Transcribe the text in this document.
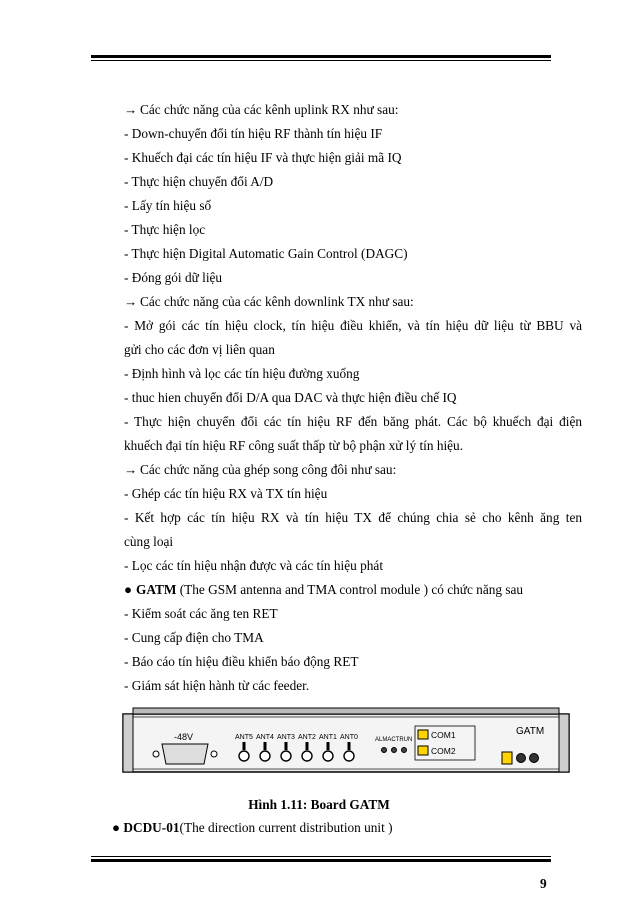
→ Các chức năng của các kênh uplink RX như sau:
- Down-chuyển đổi tín hiệu RF thành tín hiệu IF
- Khuếch đại các tín hiệu IF và thực hiện giải mã IQ
- Thực hiện chuyển đổi A/D
- Lấy tín hiệu số
- Thực hiện lọc
- Thực hiện Digital Automatic Gain Control (DAGC)
- Đóng gói dữ liệu
→ Các chức năng của các kênh downlink TX như sau:
- Mở gói các tín hiệu clock, tín hiệu điều khiển, và tín hiệu dữ liệu từ BBU và
gửi cho các đơn vị liên quan
- Định hình và lọc các tín hiệu đường xuống
- thuc hien chuyển đổi D/A qua DAC và thực hiện điều chế IQ
- Thực hiện chuyển đổi các tín hiệu RF đến băng phát. Các bộ khuếch đại điện
khuếch đại tín hiệu RF công suất thấp từ bộ phận xử lý tín hiệu.
→ Các chức năng của ghép song công đôi như sau:
- Ghép các tín hiệu RX và TX tín hiệu
- Kết hợp các tín hiệu RX và tín hiệu TX để chúng chia sẻ cho kênh ăng ten
cùng loại
- Lọc các tín hiệu nhận được và các tín hiệu phát
● GATM (The GSM antenna and TMA control module ) có chức năng sau
- Kiểm soát các ăng ten RET
- Cung cấp điện cho TMA
- Báo cáo tín hiệu điều khiển báo động RET
- Giám sát hiện hành từ các feeder.
-48V	ANT5 ANT4 ANT3 ANT2 ANT1 ANT0	ALMACTRUN COM1
COM2
GATM
Hình 1.11: Board GATM
● DCDU-01(The direction current distribution unit )
9
